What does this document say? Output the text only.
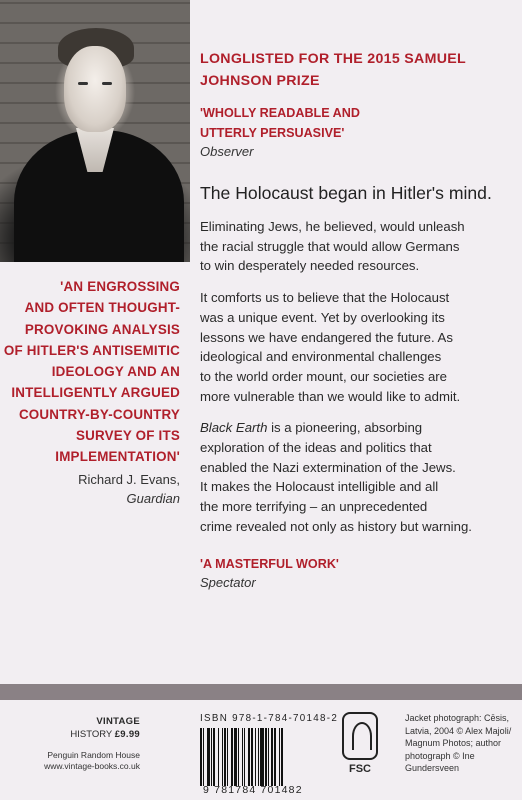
'AN ENGROSSING
AND OFTEN THOUGHT-
PROVOKING ANALYSIS
OF HITLER'S ANTISEMITIC
IDEOLOGY AND AN
INTELLIGENTLY ARGUED
COUNTRY-BY-COUNTRY
SURVEY OF ITS
IMPLEMENTATION'
Richard J. Evans,
Guardian
LONGLISTED FOR THE 2015 SAMUEL
JOHNSON PRIZE
'WHOLLY READABLE AND
UTTERLY PERSUASIVE'
Observer
The Holocaust began in Hitler's mind.
Eliminating Jews, he believed, would unleash
the racial struggle that would allow Germans
to win desperately needed resources.
It comforts us to believe that the Holocaust
was a unique event. Yet by overlooking its
lessons we have endangered the future. As
ideological and environmental challenges
to the world order mount, our societies are
more vulnerable than we would like to admit.
Black Earth is a pioneering, absorbing
exploration of the ideas and politics that
enabled the Nazi extermination of the Jews.
It makes the Holocaust intelligible and all
the more terrifying – an unprecedented
crime revealed not only as history but warning.
'A MASTERFUL WORK'
Spectator
VINTAGE
HISTORY £9.99
Penguin Random House
www.vintage-books.co.uk
ISBN 978-1-784-70148-2
9 781784 701482
FSC
Jacket photograph: Cēsis,
Latvia, 2004 © Alex Majoli/
Magnum Photos; author
photograph © Ine
Gundersveen
